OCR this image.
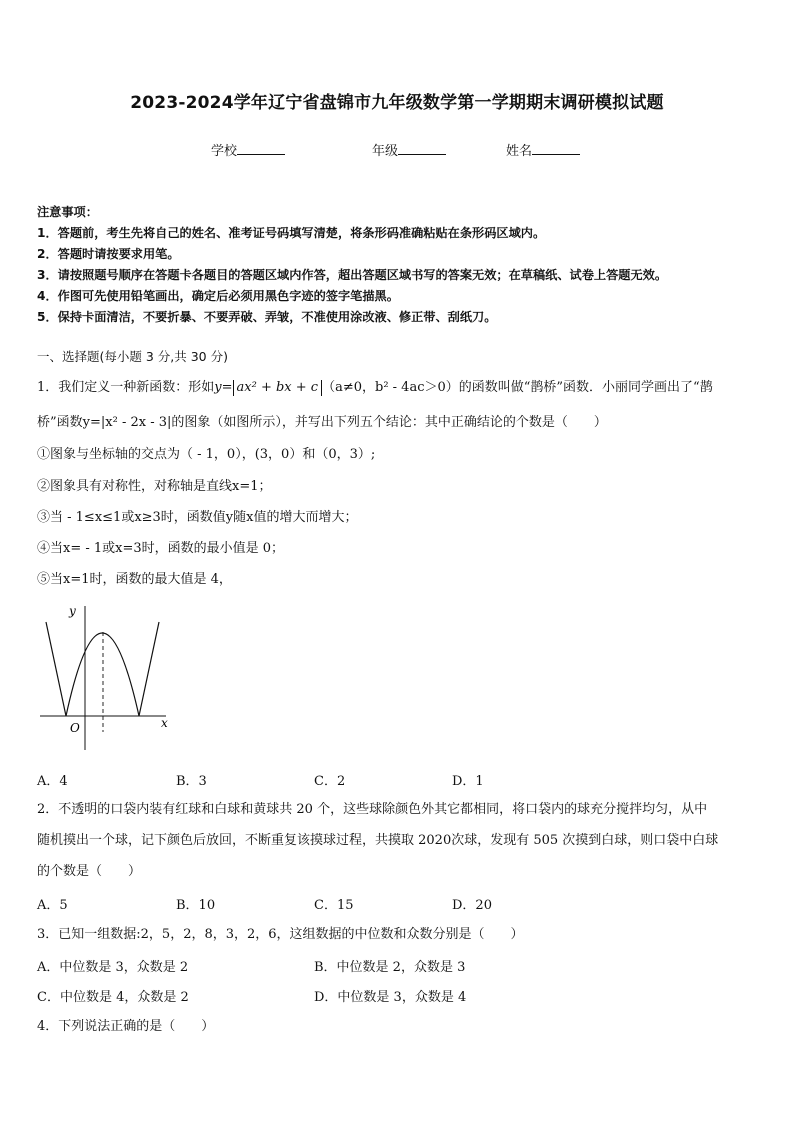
2023-2024学年辽宁省盘锦市九年级数学第一学期期末调研模拟试题
学校	年级	姓名
注意事项：
1．答题前，考生先将自己的姓名、准考证号码填写清楚，将条形码准确粘贴在条形码区域内。
2．答题时请按要求用笔。
3．请按照题号顺序在答题卡各题目的答题区域内作答，超出答题区域书写的答案无效；在草稿纸、试卷上答题无效。
4．作图可先使用铅笔画出，确定后必须用黑色字迹的签字笔描黑。
5．保持卡面清洁，不要折暴、不要弄破、弄皱，不准使用涂改液、修正带、刮纸刀。
一、选择题(每小题 3 分,共 30 分)
1．我们定义一种新函数：形如y= ax² + bx + c （a≠0，b² - 4ac＞0）的函数叫做“鹊桥”函数．小丽同学画出了“鹊
桥”函数y=|x² - 2x - 3|的图象（如图所示），并写出下列五个结论：其中正确结论的个数是（　　）
①图象与坐标轴的交点为（ - 1，0），(3，0）和（0，3）;
②图象具有对称性，对称轴是直线x=1；
③当 - 1≤x≤1或x≥3时，函数值y随x值的增大而增大；
④当x= - 1或x=3时，函数的最小值是 0；
⑤当x=1时，函数的最大值是 4，
y
x
O
A．4	B．3	C．2	D．1
2．不透明的口袋内装有红球和白球和黄球共 20 个，这些球除颜色外其它都相同，将口袋内的球充分搅拌均匀，从中
随机摸出一个球，记下颜色后放回，不断重复该摸球过程，共摸取 2020次球，发现有 505 次摸到白球，则口袋中白球
的个数是（　　）
A．5	B．10	C．15	D．20
3．已知一组数据:2，5，2，8，3，2，6，这组数据的中位数和众数分别是（　　）
A．中位数是 3，众数是 2	B．中位数是 2，众数是 3
C．中位数是 4，众数是 2	D．中位数是 3，众数是 4
4．下列说法正确的是（　　）
